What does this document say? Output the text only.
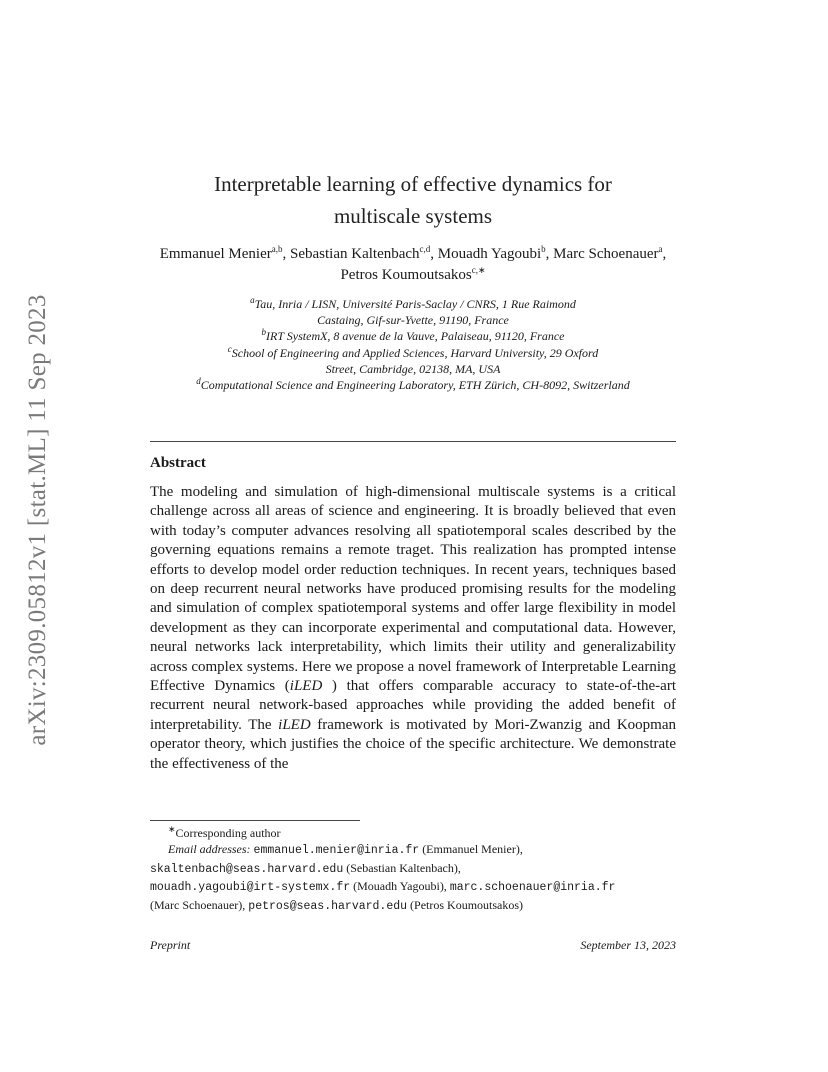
arXiv:2309.05812v1 [stat.ML] 11 Sep 2023
Interpretable learning of effective dynamics for
multiscale systems
Emmanuel Menier$^{a,b}$, Sebastian Kaltenbach$^{c,d}$, Mouadh Yagoubi$^b$, Marc Schoenauer$^a$, Petros Koumoutsakos$^{c,∗}$
$^a$Tau, Inria / LISN, Université Paris-Saclay / CNRS, 1 Rue Raimond
Castaing, Gif-sur-Yvette, 91190, France
$^b$IRT SystemX, 8 avenue de la Vauve, Palaiseau, 91120, France
$^c$School of Engineering and Applied Sciences, Harvard University, 29 Oxford
Street, Cambridge, 02138, MA, USA
$^d$Computational Science and Engineering Laboratory, ETH Zürich, CH-8092, Switzerland
Abstract
The modeling and simulation of high-dimensional multiscale systems is a critical challenge across all areas of science and engineering. It is broadly believed that even with today’s computer advances resolving all spatiotemporal scales described by the governing equations remains a remote traget. This realization has prompted intense efforts to develop model order reduction techniques. In recent years, techniques based on deep recurrent neural networks have produced promising results for the modeling and simulation of complex spatiotemporal systems and offer large flexibility in model development as they can incorporate experimental and computational data. However, neural networks lack interpretability, which limits their utility and generalizability across complex systems. Here we propose a novel framework of Interpretable Learning Effective Dynamics (iLED ) that offers comparable accuracy to state-of-the-art recurrent neural network-based approaches while providing the added benefit of interpretability. The iLED framework is motivated by Mori-Zwanzig and Koopman operator theory, which justifies the choice of the specific architecture. We demonstrate the effectiveness of the
∗Corresponding author
Email addresses: emmanuel.menier@inria.fr (Emmanuel Menier),
skaltenbach@seas.harvard.edu (Sebastian Kaltenbach),
mouadh.yagoubi@irt-systemx.fr (Mouadh Yagoubi), marc.schoenauer@inria.fr
(Marc Schoenauer), petros@seas.harvard.edu (Petros Koumoutsakos)
Preprint	September 13, 2023
